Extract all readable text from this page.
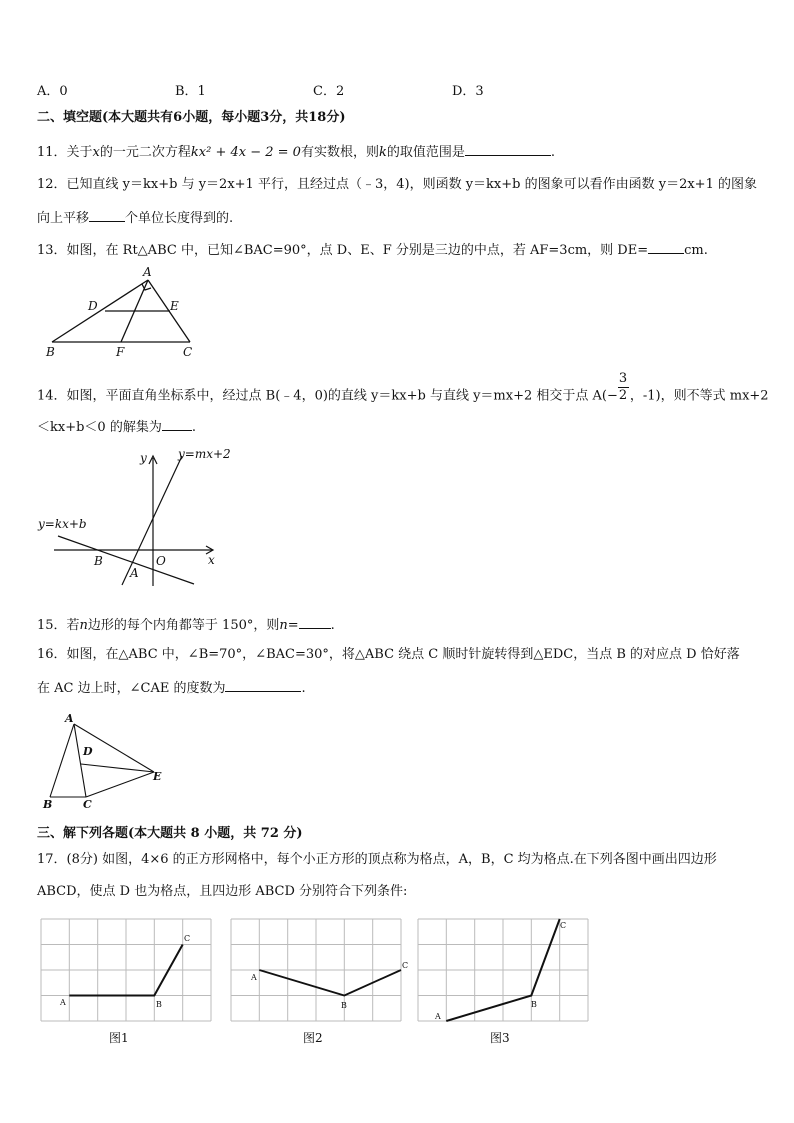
A．0	B．1	C．2	D．3
二、填空题(本大题共有6小题，每小题3分，共18分)
11．关于x的一元二次方程kx² + 4x − 2 = 0有实数根，则k的取值范围是	.
12．已知直线 y＝kx+b 与 y＝2x+1 平行，且经过点（﹣3，4)，则函数 y＝kx+b 的图象可以看作由函数 y＝2x+1 的图象
向上平移	个单位长度得到的.
13．如图，在 Rt△ABC 中，已知∠BAC=90°，点 D、E、F 分别是三边的中点，若 AF=3cm，则 DE=	cm.
A
D	E
B	F	C
14．如图，平面直角坐标系中，经过点 B(﹣4，0)的直线 y＝kx+b 与直线 y＝mx+2 相交于点 $A(- \frac{3}{2}$ ，-1)，则不等式 mx+2
＜kx+b＜0 的解集为 .
y
x
O
B
A
y=mx+2
y=kx+b
15．若n边形的每个内角都等于 150°，则n= .
16．如图，在△ABC 中，∠B=70°，∠BAC=30°，将△ABC 绕点 C 顺时针旋转得到△EDC，当点 B 的对应点 D 恰好落
在 AC 边上时，∠CAE 的度数为	.
A
D
E
B	C
三、解下列各题(本大题共 8 小题，共 72 分)
17．(8分) 如图，4×6 的正方形网格中，每个小正方形的顶点称为格点，A，B，C 均为格点.在下列各图中画出四边形
ABCD，使点 D 也为格点，且四边形 ABCD 分别符合下列条件:
A	B
C
图1
A
B
C
图2
A
B
C
图3
